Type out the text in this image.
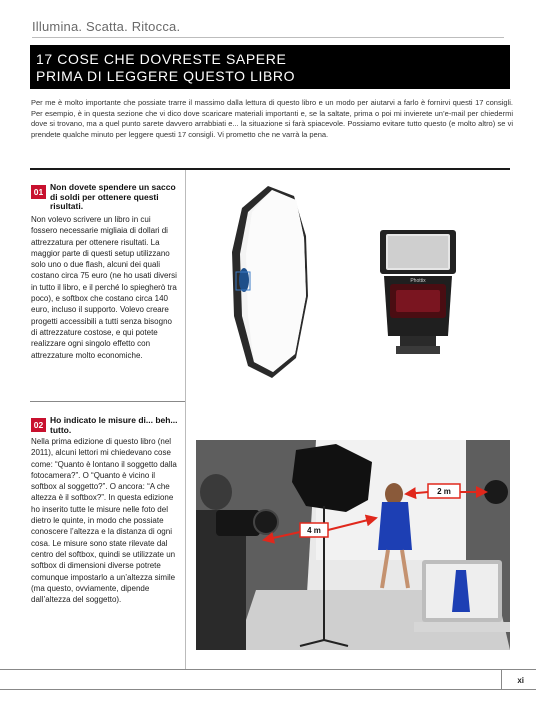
Illumina. Scatta. Ritocca.
17 COSE CHE DOVRESTE SAPERE
PRIMA DI LEGGERE QUESTO LIBRO

Per me è molto importante che possiate trarre il massimo dalla lettura di questo libro e un modo per aiutarvi a farlo è fornirvi questi 17 consigli. Per esempio, è in questa sezione che vi dico dove scaricare materiali importanti e, se la saltate, prima o poi mi invierete un’e-mail per chiedermi dove si trovano, ma a quel punto sarete davvero arrabbiati e... la situazione si farà spiacevole. Possiamo evitare tutto questo (e molto altro) se vi prendete qualche minuto per leggere questi 17 consigli. Vi prometto che ne varrà la pena.

01 Non dovete spendere un sacco di soldi per ottenere questi risultati.

Non volevo scrivere un libro in cui fossero necessarie migliaia di dollari di attrezzatura per ottenere risultati. La maggior parte di questi setup utilizzano solo uno o due flash, alcuni dei quali costano circa 75 euro (ne ho usati diversi in tutto il libro, e il perché lo spiegherò tra poco), e softbox che costano circa 140 euro, incluso il supporto. Volevo creare progetti accessibili a tutti senza bisogno di attrezzature costose, e qui potete realizzare ogni singolo effetto con attrezzature molto economiche.

Phottix
02 Ho indicato le misure di... beh... tutto.

Nella prima edizione di questo libro (nel 2011), alcuni lettori mi chiedevano cose come: “Quanto è lontano il soggetto dalla fotocamera?”. O “Quanto è vicino il softbox al soggetto?”. O ancora: “A che altezza è il softbox?”. In questa edizione ho inserito tutte le misure nelle foto del dietro le quinte, in modo che possiate conoscere l’altezza e la distanza di ogni cosa. Le misure sono state rilevate dal centro del softbox, quindi se utilizzate un softbox di dimensioni diverse potrete comunque impostarlo a un’altezza simile (ma questo, ovviamente, dipende dall’altezza del soggetto).

2 m
4 m
xi
